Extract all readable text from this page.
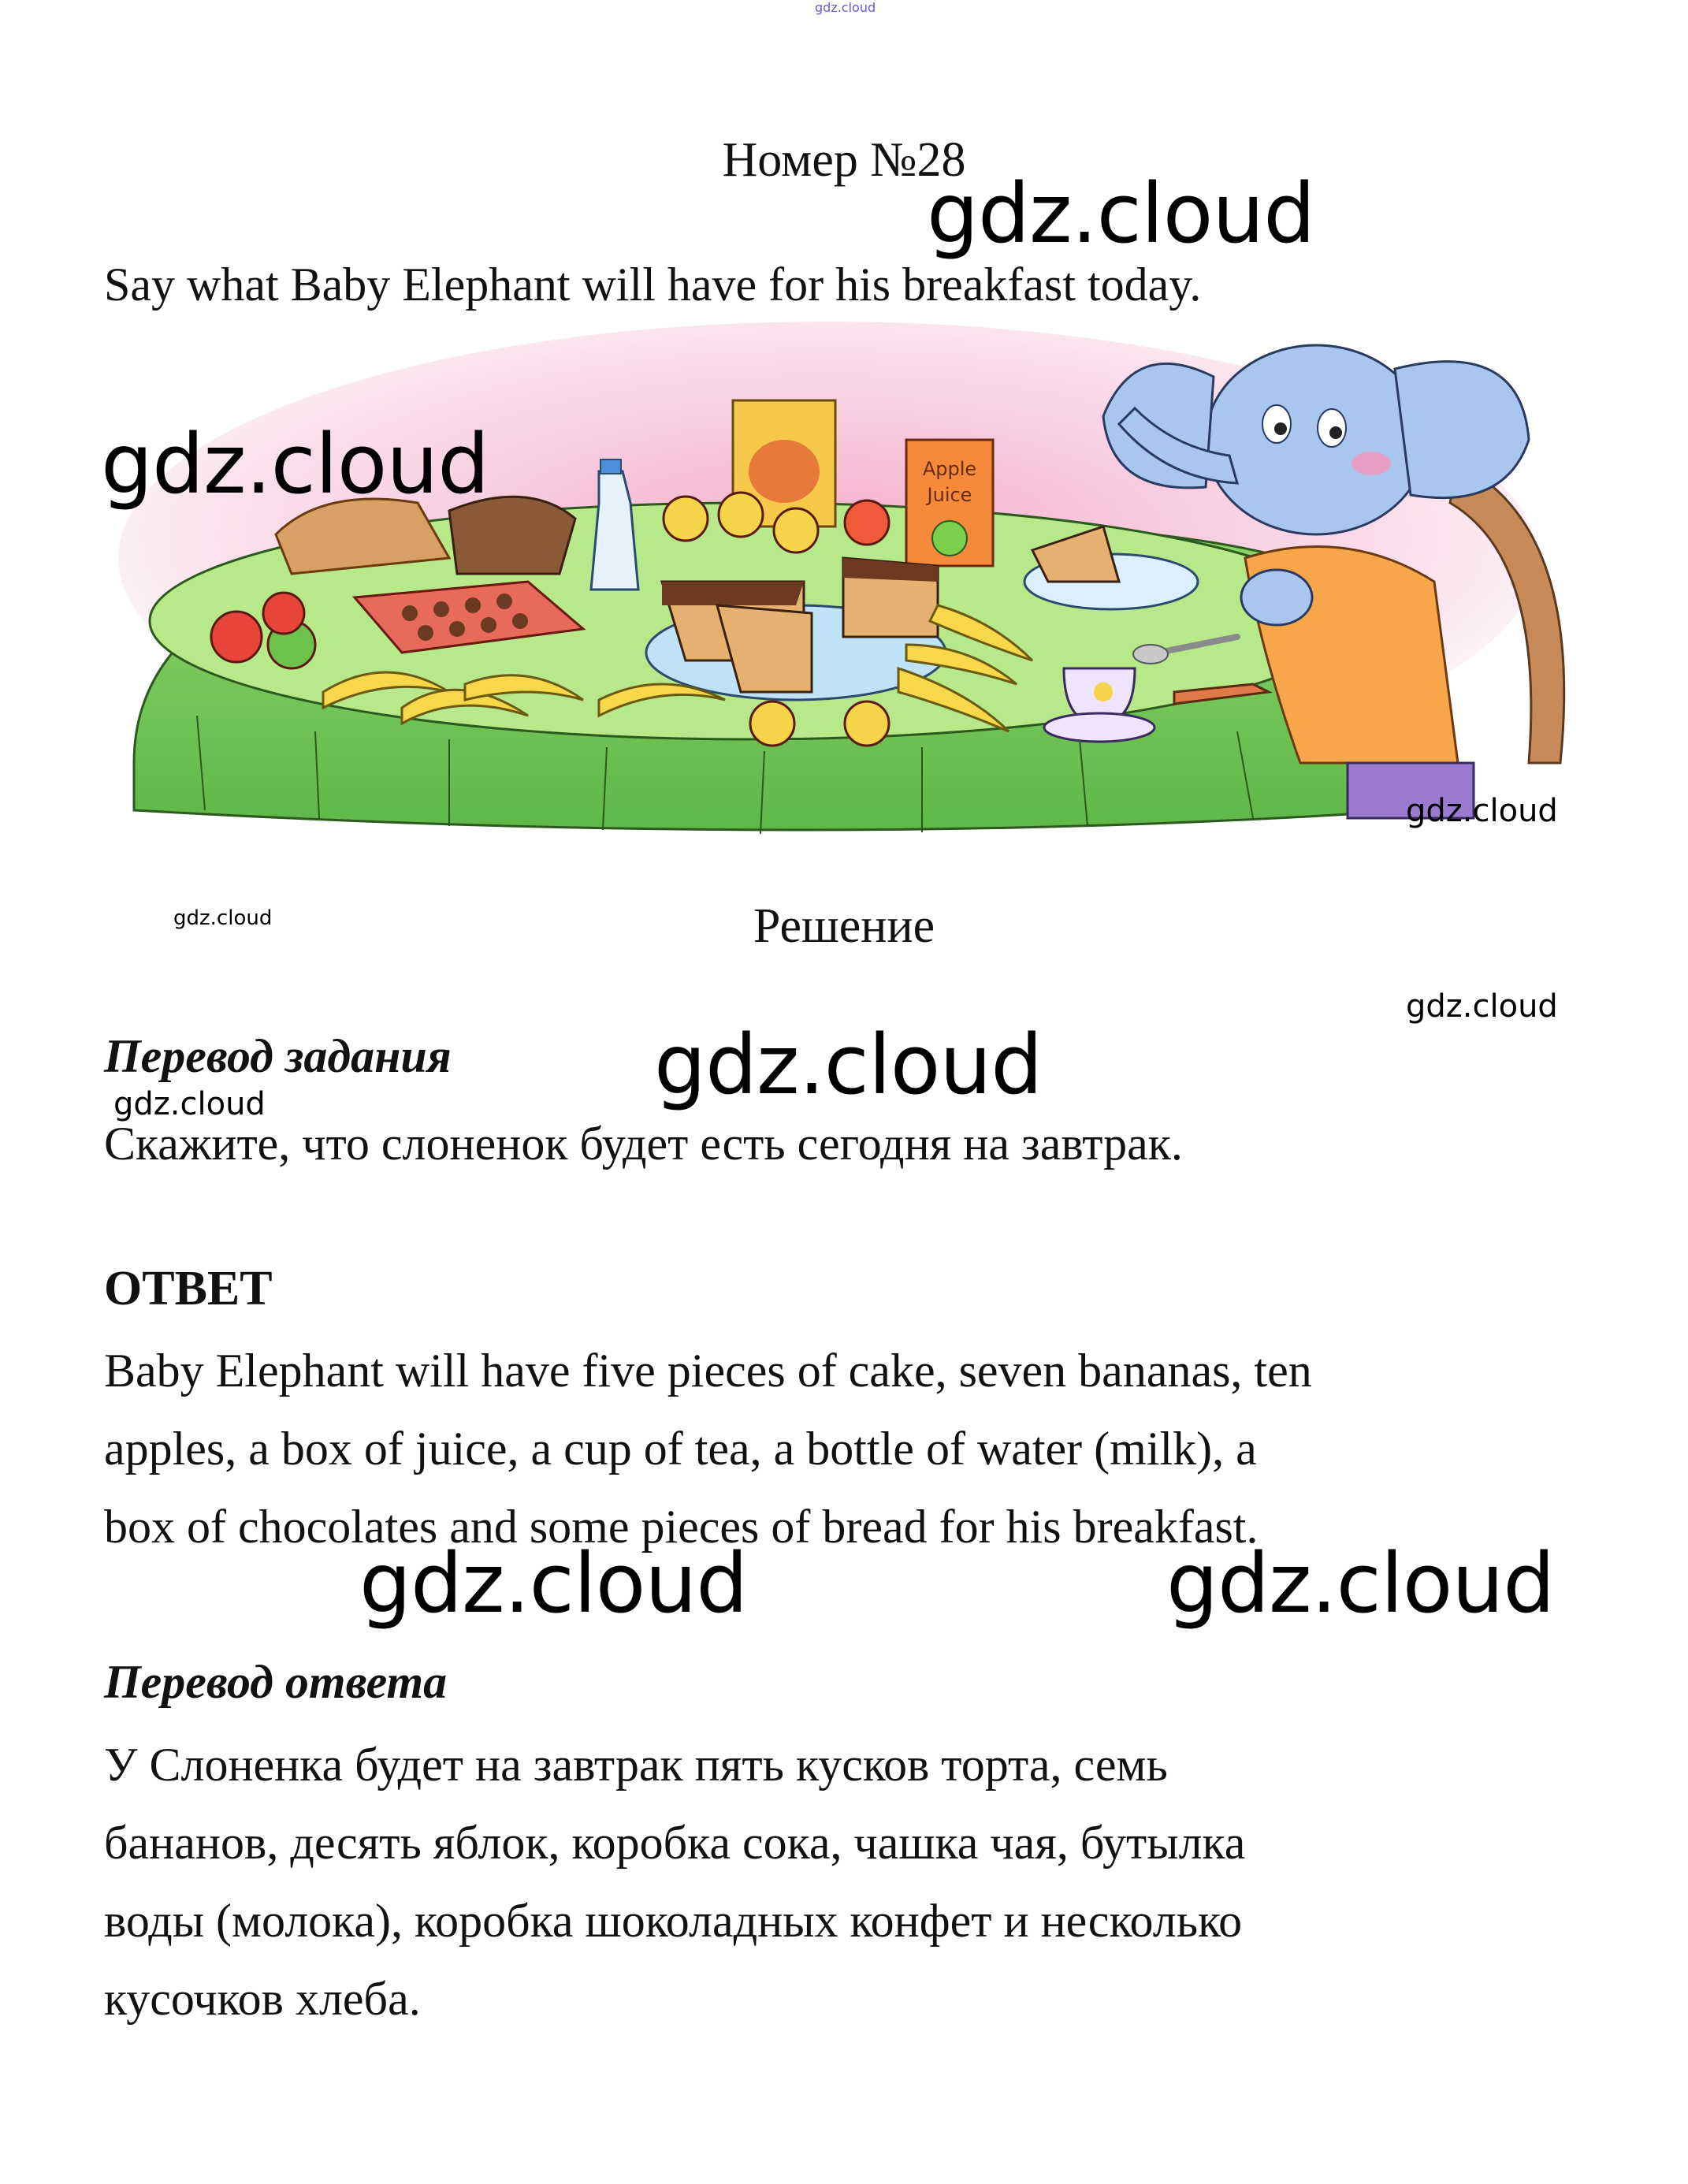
gdz.cloud
Номер №28
gdz.cloud
Say what Baby Elephant will have for his breakfast today.
Apple
Juice
gdz.cloud
gdz.cloud
gdz.cloud	Решение
gdz.cloud
Перевод задания gdz.cloud
gdz.cloud
Скажите, что слоненок будет есть сегодня на завтрак.
ОТВЕТ
Baby Elephant will have five pieces of cake, seven bananas, ten
apples, a box of juice, a cup of tea, a bottle of water (milk), a
box of chocolates and some pieces of bread for his breakfast.
gdz.cloud	gdz.cloud
Перевод ответа
У Слоненка будет на завтрак пять кусков торта, семь
бананов, десять яблок, коробка сока, чашка чая, бутылка
воды (молока), коробка шоколадных конфет и несколько
кусочков хлеба.
